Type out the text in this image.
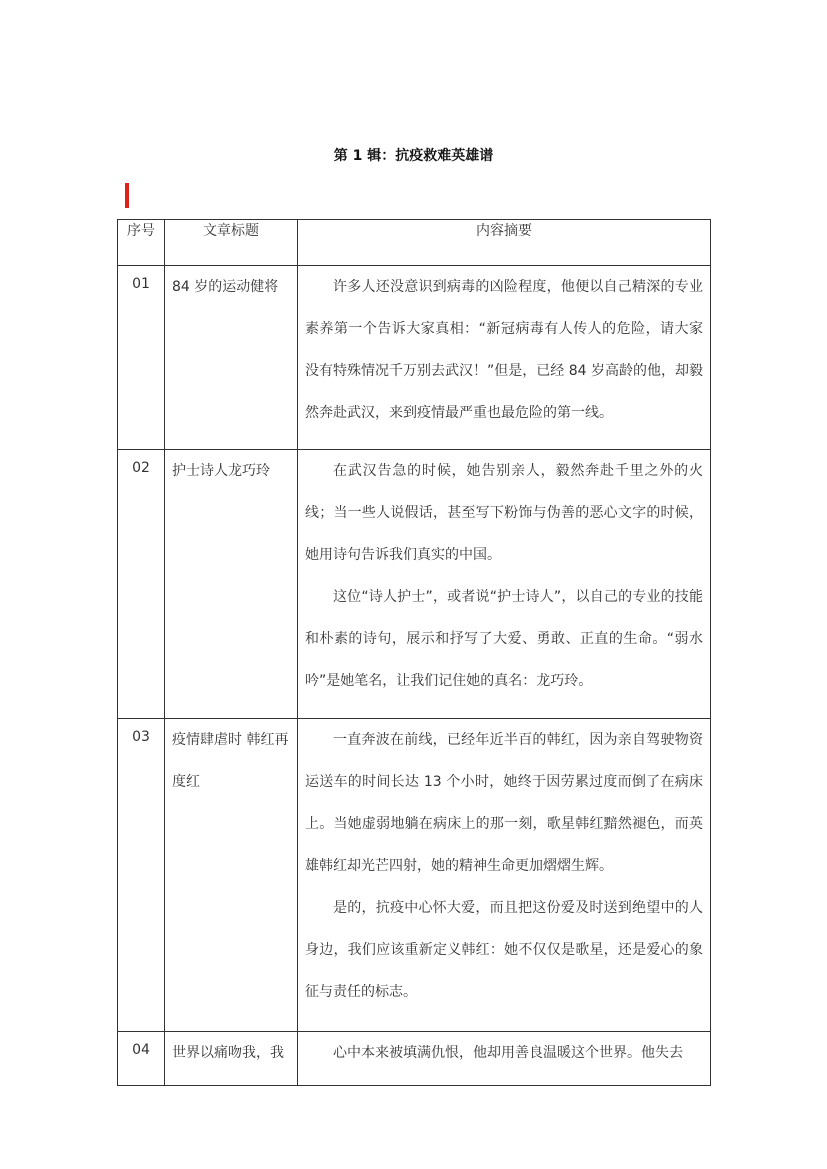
第 1 辑：抗疫救难英雄谱
序号	文章标题	内容摘要
01	84 岁的运动健将	许多人还没意识到病毒的凶险程度，他便以自己精深的专业素养第一个告诉大家真相：“新冠病毒有人传人的危险，请大家没有特殊情况千万别去武汉！”但是，已经 84 岁高龄的他，却毅然奔赴武汉，来到疫情最严重也最危险的第一线。

02	护士诗人龙巧玲	在武汉告急的时候，她告别亲人，毅然奔赴千里之外的火线；当一些人说假话，甚至写下粉饰与伪善的恶心文字的时候，她用诗句告诉我们真实的中国。

这位“诗人护士”，或者说“护士诗人”，以自己的专业的技能和朴素的诗句，展示和抒写了大爱、勇敢、正直的生命。“弱水吟”是她笔名，让我们记住她的真名：龙巧玲。

03	疫情肆虐时 韩红再度红	一直奔波在前线，已经年近半百的韩红，因为亲自驾驶物资运送车的时间长达 13 个小时，她终于因劳累过度而倒了在病床上。当她虚弱地躺在病床上的那一刻，歌星韩红黯然褪色，而英雄韩红却光芒四射，她的精神生命更加熠熠生辉。

是的，抗疫中心怀大爱，而且把这份爱及时送到绝望中的人身边，我们应该重新定义韩红：她不仅仅是歌星，还是爱心的象征与责任的标志。

04	世界以痛吻我，我	心中本来被填满仇恨，他却用善良温暖这个世界。他失去
